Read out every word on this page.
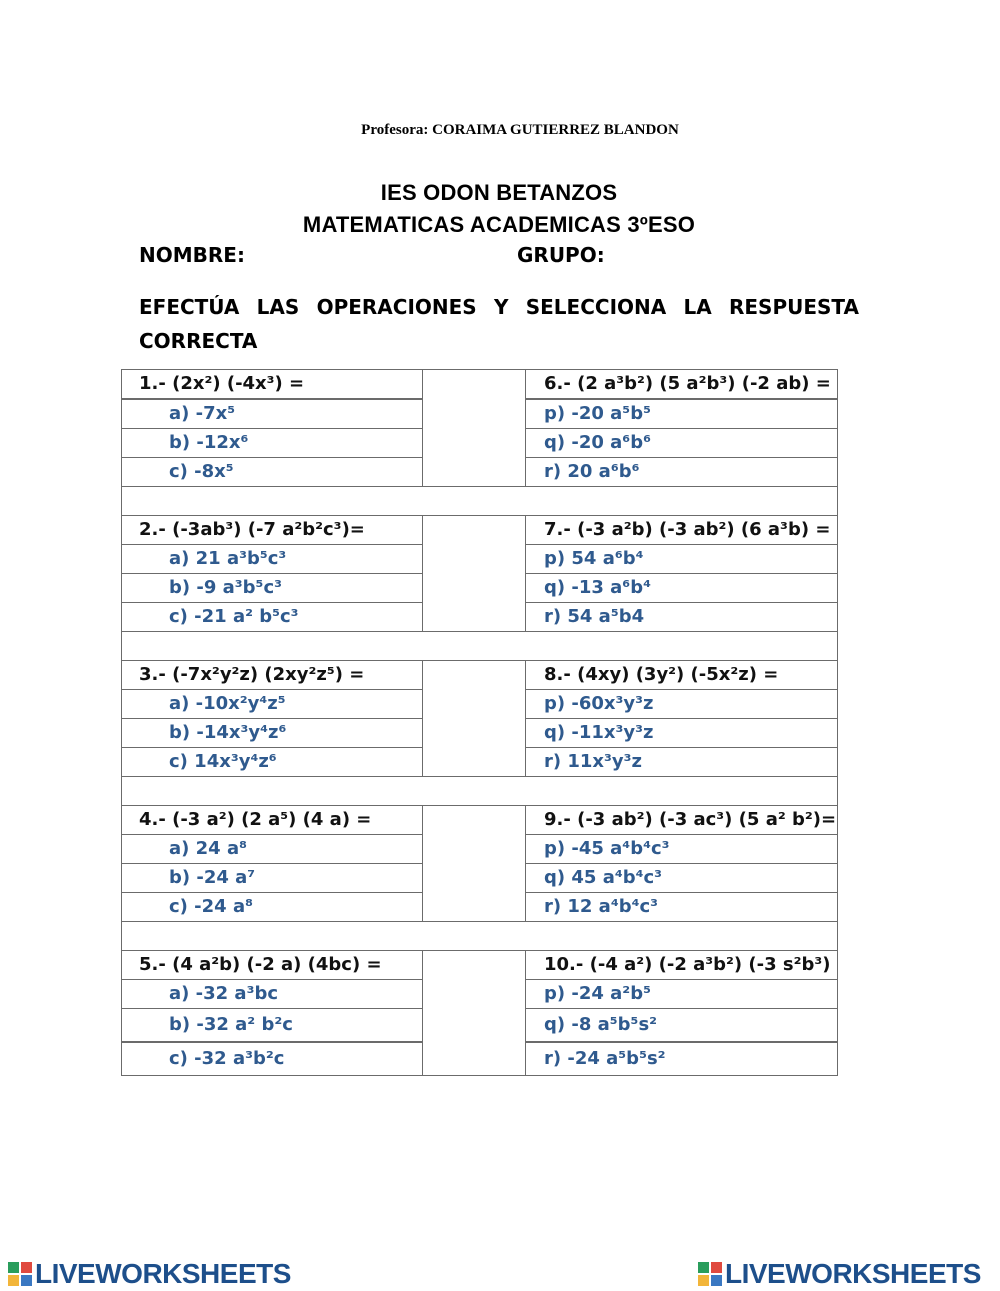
Profesora: CORAIMA GUTIERREZ BLANDON
IES ODON BETANZOS
MATEMATICAS ACADEMICAS 3ºESO
NOMBRE:	GRUPO:
EFECTÚA LAS OPERACIONES Y SELECCIONA LA RESPUESTA CORRECTA
1.- (2x²) (-4x³) =
a) -7x⁵
b) -12x⁶
c) -8x⁵
6.- (2 a³b²) (5 a²b³) (-2 ab) =
p) -20 a⁵b⁵
q) -20 a⁶b⁶
r) 20 a⁶b⁶
2.- (-3ab³) (-7 a²b²c³)=
a) 21 a³b⁵c³
b) -9 a³b⁵c³
c) -21 a² b⁵c³
7.- (-3 a²b) (-3 ab²) (6 a³b) =
p) 54 a⁶b⁴
q) -13 a⁶b⁴
r) 54 a⁵b4
3.- (-7x²y²z) (2xy²z⁵) =
a) -10x²y⁴z⁵
b) -14x³y⁴z⁶
c) 14x³y⁴z⁶
8.- (4xy) (3y²) (-5x²z) =
p) -60x³y³z
q) -11x³y³z
r) 11x³y³z
4.- (-3 a²) (2 a⁵) (4 a) =
a) 24 a⁸
b) -24 a⁷
c) -24 a⁸
9.- (-3 ab²) (-3 ac³) (5 a² b²)=
p) -45 a⁴b⁴c³
q) 45 a⁴b⁴c³
r) 12 a⁴b⁴c³
5.- (4 a²b) (-2 a) (4bc) =
a) -32 a³bc
b) -32 a² b²c
c) -32 a³b²c
10.- (-4 a²) (-2 a³b²) (-3 s²b³)
p) -24 a²b⁵
q) -8 a⁵b⁵s²
r) -24 a⁵b⁵s²
LIVEWORKSHEETS	LIVEWORKSHEETS
